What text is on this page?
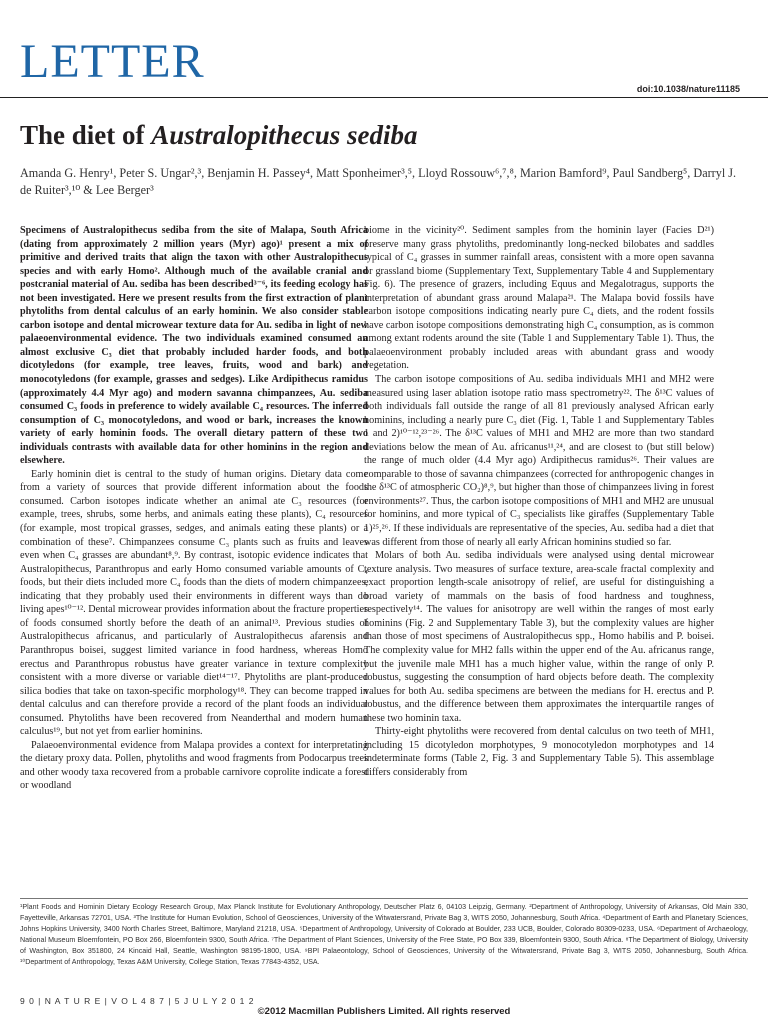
LETTER
doi:10.1038/nature11185
The diet of Australopithecus sediba
Amanda G. Henry¹, Peter S. Ungar²,³, Benjamin H. Passey⁴, Matt Sponheimer³,⁵, Lloyd Rossouw⁶,⁷,⁸, Marion Bamford⁹, Paul Sandberg⁵, Darryl J. de Ruiter³,¹⁰ & Lee Berger³

Specimens of Australopithecus sediba from the site of Malapa, South Africa (dating from approximately 2 million years (Myr) ago)¹ present a mix of primitive and derived traits that align the taxon with other Australopithecus species and with early Homo². Although much of the available cranial and postcranial material of Au. sediba has been described³⁻⁶, its feeding ecology has not been investigated. Here we present results from the first extraction of plant phytoliths from dental calculus of an early hominin. We also consider stable carbon isotope and dental microwear texture data for Au. sediba in light of new palaeoenvironmental evidence. The two individuals examined consumed an almost exclusive C₃ diet that probably included harder foods, and both dicotyledons (for example, tree leaves, fruits, wood and bark) and monocotyledons (for example, grasses and sedges). Like Ardipithecus ramidus (approximately 4.4 Myr ago) and modern savanna chimpanzees, Au. sediba consumed C₃ foods in preference to widely available C₄ resources. The inferred consumption of C₃ monocotyledons, and wood or bark, increases the known variety of early hominin foods. The overall dietary pattern of these two individuals contrasts with available data for other hominins in the region and elsewhere.

Early hominin diet is central to the study of human origins. Dietary data come from a variety of sources that provide different information about the foods consumed. Carbon isotopes indicate whether an animal ate C₃ resources (for example, trees, shrubs, some herbs, and animals eating these plants), C₄ resources (for example, most tropical grasses, sedges, and animals eating these plants) or a combination of these⁷. Chimpanzees consume C₃ plants such as fruits and leaves even when C₄ grasses are abundant⁸,⁹. By contrast, isotopic evidence indicates that Australopithecus, Paranthropus and early Homo consumed variable amounts of C₄ foods, but their diets included more C₄ foods than the diets of modern chimpanzees, indicating that they probably used their environments in different ways than do living apes¹⁰⁻¹². Dental microwear provides information about the fracture properties of foods consumed shortly before the death of an animal¹³. Previous studies of Australopithecus africanus, and particularly of Australopithecus afarensis and Paranthropus boisei, suggest limited variance in food hardness, whereas Homo erectus and Paranthropus robustus have greater variance in texture complexity consistent with a more diverse or variable diet¹⁴⁻¹⁷. Phytoliths are plant-produced silica bodies that take on taxon-specific morphology¹⁸. They can become trapped in dental calculus and can therefore provide a record of the plant foods an individual consumed. Phytoliths have been recovered from Neanderthal and modern human calculus¹⁹, but not yet from earlier hominins.

Palaeoenvironmental evidence from Malapa provides a context for interpretating the dietary proxy data. Pollen, phytoliths and wood fragments from Podocarpus trees and other woody taxa recovered from a probable carnivore coprolite indicate a forest or woodland

biome in the vicinity²⁰. Sediment samples from the hominin layer (Facies D²¹) preserve many grass phytoliths, predominantly long-necked bilobates and saddles typical of C₄ grasses in summer rainfall areas, consistent with a more open savanna or grassland biome (Supplementary Text, Supplementary Table 4 and Supplementary Fig. 6). The presence of grazers, including Equus and Megalotragus, supports the interpretation of abundant grass around Malapa²¹. The Malapa bovid fossils have carbon isotope compositions indicating nearly pure C₄ diets, and the rodent fossils have carbon isotope compositions demonstrating high C₄ consumption, as is common among extant rodents around the site (Table 1 and Supplementary Table 1). Thus, the palaeoenvironment probably included areas with abundant grass and woody vegetation.

The carbon isotope compositions of Au. sediba individuals MH1 and MH2 were measured using laser ablation isotope ratio mass spectrometry²². The δ¹³C values of both individuals fall outside the range of all 81 previously analysed African early hominins, including a nearly pure C₃ diet (Fig. 1, Table 1 and Supplementary Tables 1 and 2)¹⁰⁻¹²,²³⁻²⁶. The δ¹³C values of MH1 and MH2 are more than two standard deviations below the mean of Au. africanus¹¹,²⁴, and are closest to (but still below) the range of much older (4.4 Myr ago) Ardipithecus ramidus²⁶. Their values are comparable to those of savanna chimpanzees (corrected for anthropogenic changes in the δ¹³C of atmospheric CO₂)⁸,⁹, but higher than those of chimpanzees living in forest environments²⁷. Thus, the carbon isotope compositions of MH1 and MH2 are unusual for hominins, and more typical of C₃ specialists like giraffes (Supplementary Table 1)²⁵,²⁶. If these individuals are representative of the species, Au. sediba had a diet that was different from those of nearly all early African hominins studied so far.

Molars of both Au. sediba individuals were analysed using dental microwear texture analysis. Two measures of surface texture, area-scale fractal complexity and exact proportion length-scale anisotropy of relief, are useful for distinguishing a broad variety of mammals on the basis of food hardness and toughness, respectively¹⁴. The values for anisotropy are well within the ranges of most early hominins (Fig. 2 and Supplementary Table 3), but the complexity values are higher than those of most specimens of Australopithecus spp., Homo habilis and P. boisei. The complexity value for MH2 falls within the upper end of the Au. africanus range, but the juvenile male MH1 has a much higher value, within the range of only P. robustus, suggesting the consumption of hard objects before death. The complexity values for both Au. sediba specimens are between the medians for H. erectus and P. robustus, and the difference between them approximates the interquartile ranges of these two hominin taxa.

Thirty-eight phytoliths were recovered from dental calculus on two teeth of MH1, including 15 dicotyledon morphotypes, 9 monocotyledon morphotypes and 14 indeterminate forms (Table 2, Fig. 3 and Supplementary Table 5). This assemblage differs considerably from

¹Plant Foods and Hominin Dietary Ecology Research Group, Max Planck Institute for Evolutionary Anthropology, Deutscher Platz 6, 04103 Leipzig, Germany. ²Department of Anthropology, University of Arkansas, Old Main 330, Fayetteville, Arkansas 72701, USA. ³The Institute for Human Evolution, School of Geosciences, University of the Witwatersrand, Private Bag 3, WITS 2050, Johannesburg, South Africa. ⁴Department of Earth and Planetary Sciences, Johns Hopkins University, 3400 North Charles Street, Baltimore, Maryland 21218, USA. ⁵Department of Anthropology, University of Colorado at Boulder, 233 UCB, Boulder, Colorado 80309-0233, USA. ⁶Department of Archaeology, National Museum Bloemfontein, PO Box 266, Bloemfontein 9300, South Africa. ⁷The Department of Plant Sciences, University of the Free State, PO Box 339, Bloemfontein 9300, South Africa. ⁸The Department of Biology, University of Washington, Box 351800, 24 Kincaid Hall, Seattle, Washington 98195-1800, USA. ⁹BPI Palaeontology, School of Geosciences, University of the Witwatersrand, Private Bag 3, WITS 2050, Johannesburg, South Africa. ¹⁰Department of Anthropology, Texas A&M University, College Station, Texas 77843-4352, USA.
9 0 | N A T U R E | V O L 4 8 7 | 5 J U L Y 2 0 1 2
©2012 Macmillan Publishers Limited. All rights reserved
